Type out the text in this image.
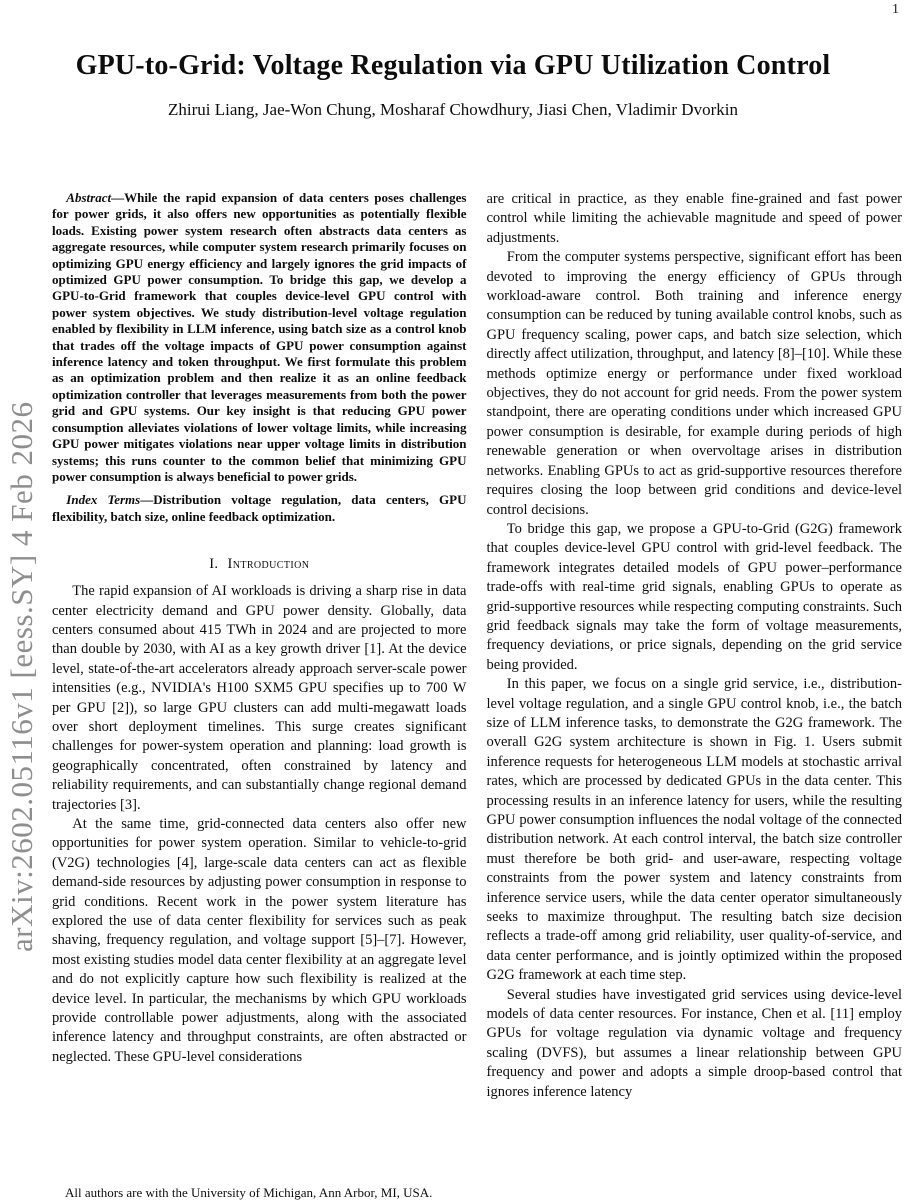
1
arXiv:2602.05116v1 [eess.SY] 4 Feb 2026
GPU-to-Grid: Voltage Regulation via GPU Utilization Control
Zhirui Liang, Jae-Won Chung, Mosharaf Chowdhury, Jiasi Chen, Vladimir Dvorkin

Abstract—While the rapid expansion of data centers poses challenges for power grids, it also offers new opportunities as potentially flexible loads. Existing power system research often abstracts data centers as aggregate resources, while computer system research primarily focuses on optimizing GPU energy efficiency and largely ignores the grid impacts of optimized GPU power consumption. To bridge this gap, we develop a GPU-to-Grid framework that couples device-level GPU control with power system objectives. We study distribution-level voltage regulation enabled by flexibility in LLM inference, using batch size as a control knob that trades off the voltage impacts of GPU power consumption against inference latency and token throughput. We first formulate this problem as an optimization problem and then realize it as an online feedback optimization controller that leverages measurements from both the power grid and GPU systems. Our key insight is that reducing GPU power consumption alleviates violations of lower voltage limits, while increasing GPU power mitigates violations near upper voltage limits in distribution systems; this runs counter to the common belief that minimizing GPU power consumption is always beneficial to power grids.

Index Terms—Distribution voltage regulation, data centers, GPU flexibility, batch size, online feedback optimization.

I. Introduction

The rapid expansion of AI workloads is driving a sharp rise in data center electricity demand and GPU power density. Globally, data centers consumed about 415 TWh in 2024 and are projected to more than double by 2030, with AI as a key growth driver [1]. At the device level, state-of-the-art accelerators already approach server-scale power intensities (e.g., NVIDIA's H100 SXM5 GPU specifies up to 700 W per GPU [2]), so large GPU clusters can add multi-megawatt loads over short deployment timelines. This surge creates significant challenges for power-system operation and planning: load growth is geographically concentrated, often constrained by latency and reliability requirements, and can substantially change regional demand trajectories [3].

At the same time, grid-connected data centers also offer new opportunities for power system operation. Similar to vehicle-to-grid (V2G) technologies [4], large-scale data centers can act as flexible demand-side resources by adjusting power consumption in response to grid conditions. Recent work in the power system literature has explored the use of data center flexibility for services such as peak shaving, frequency regulation, and voltage support [5]–[7]. However, most existing studies model data center flexibility at an aggregate level and do not explicitly capture how such flexibility is realized at the device level. In particular, the mechanisms by which GPU workloads provide controllable power adjustments, along with the associated inference latency and throughput constraints, are often abstracted or neglected. These GPU-level considerations

All authors are with the University of Michigan, Ann Arbor, MI, USA.

are critical in practice, as they enable fine-grained and fast power control while limiting the achievable magnitude and speed of power adjustments.

From the computer systems perspective, significant effort has been devoted to improving the energy efficiency of GPUs through workload-aware control. Both training and inference energy consumption can be reduced by tuning available control knobs, such as GPU frequency scaling, power caps, and batch size selection, which directly affect utilization, throughput, and latency [8]–[10]. While these methods optimize energy or performance under fixed workload objectives, they do not account for grid needs. From the power system standpoint, there are operating conditions under which increased GPU power consumption is desirable, for example during periods of high renewable generation or when overvoltage arises in distribution networks. Enabling GPUs to act as grid-supportive resources therefore requires closing the loop between grid conditions and device-level control decisions.

To bridge this gap, we propose a GPU-to-Grid (G2G) framework that couples device-level GPU control with grid-level feedback. The framework integrates detailed models of GPU power–performance trade-offs with real-time grid signals, enabling GPUs to operate as grid-supportive resources while respecting computing constraints. Such grid feedback signals may take the form of voltage measurements, frequency deviations, or price signals, depending on the grid service being provided.

In this paper, we focus on a single grid service, i.e., distribution-level voltage regulation, and a single GPU control knob, i.e., the batch size of LLM inference tasks, to demonstrate the G2G framework. The overall G2G system architecture is shown in Fig. 1. Users submit inference requests for heterogeneous LLM models at stochastic arrival rates, which are processed by dedicated GPUs in the data center. This processing results in an inference latency for users, while the resulting GPU power consumption influences the nodal voltage of the connected distribution network. At each control interval, the batch size controller must therefore be both grid- and user-aware, respecting voltage constraints from the power system and latency constraints from inference service users, while the data center operator simultaneously seeks to maximize throughput. The resulting batch size decision reflects a trade-off among grid reliability, user quality-of-service, and data center performance, and is jointly optimized within the proposed G2G framework at each time step.

Several studies have investigated grid services using device-level models of data center resources. For instance, Chen et al. [11] employ GPUs for voltage regulation via dynamic voltage and frequency scaling (DVFS), but assumes a linear relationship between GPU frequency and power and adopts a simple droop-based control that ignores inference latency
